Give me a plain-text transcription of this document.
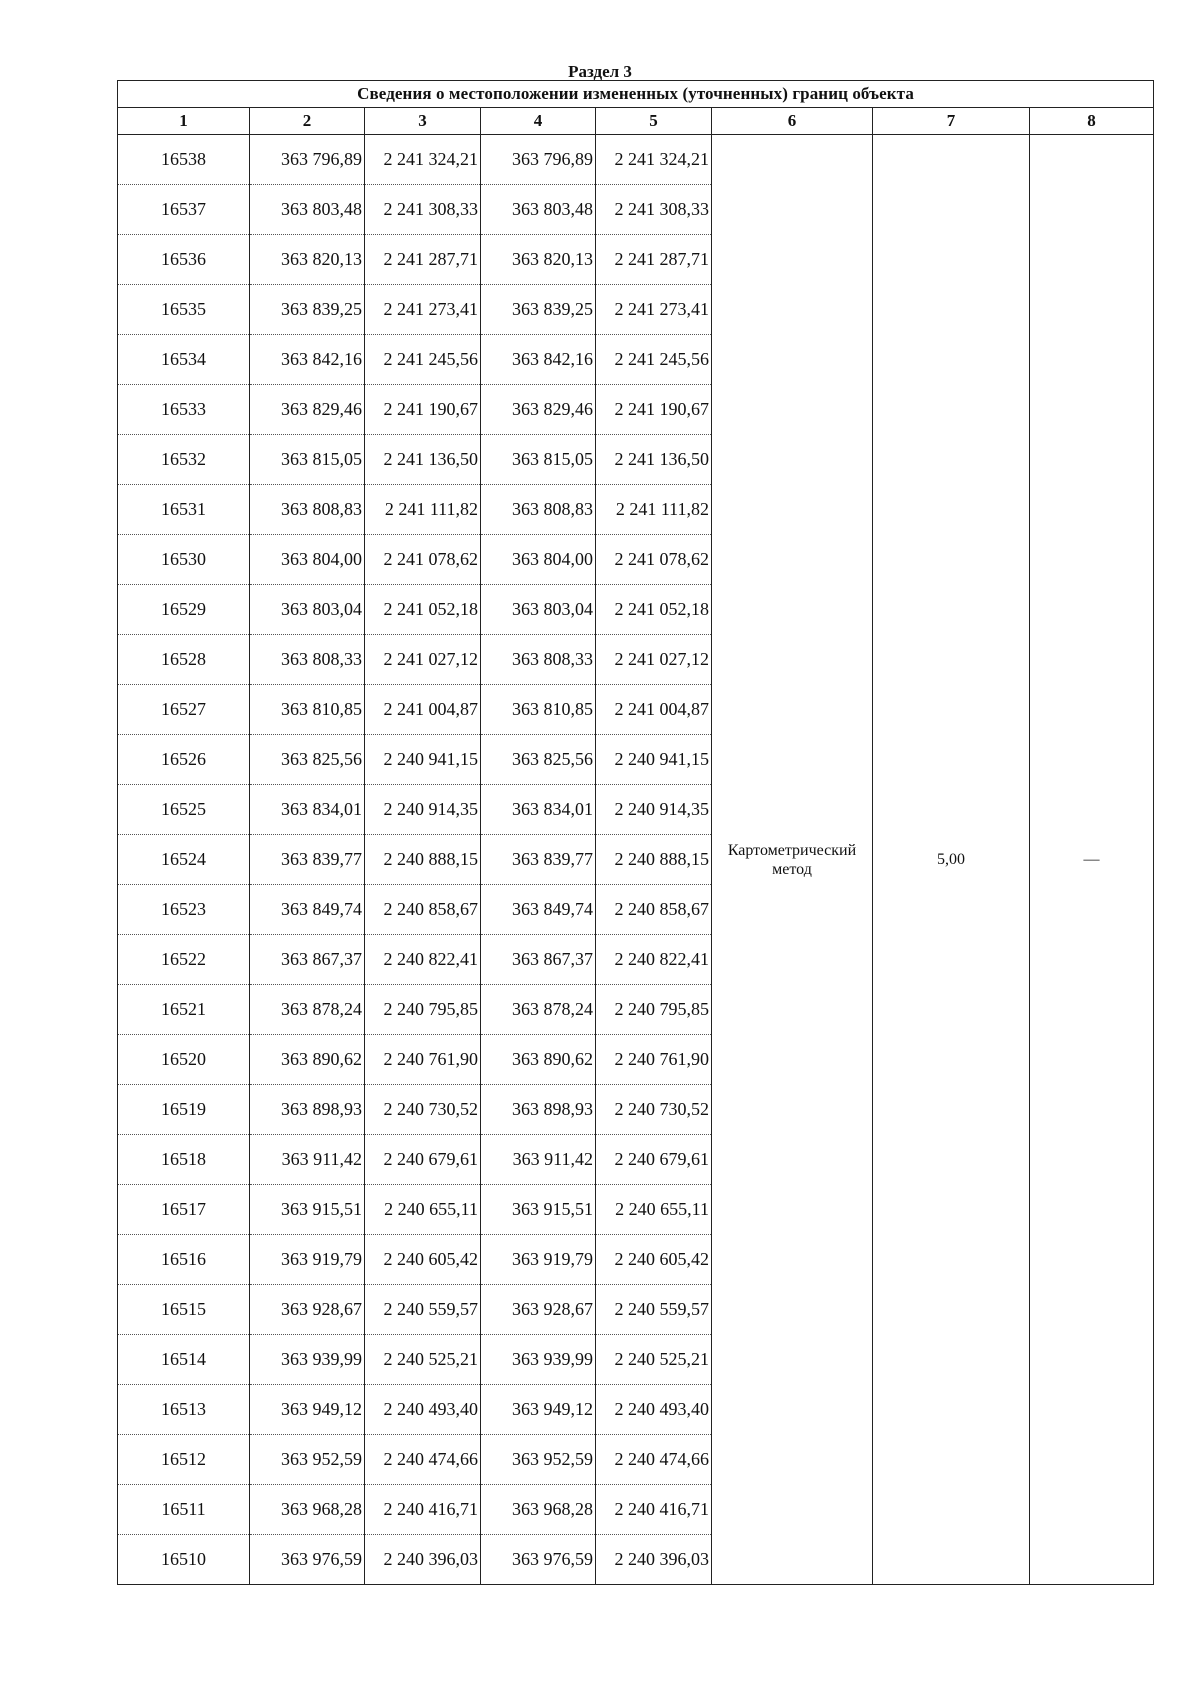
Раздел 3
Сведения о местоположении измененных (уточненных) границ объекта							
1	2	3	4	5	6	7	8
16538	363 796,89	2 241 324,21	363 796,89	2 241 324,21	Картометрический метод	5,00	—
16537	363 803,48	2 241 308,33	363 803,48	2 241 308,33			
16536	363 820,13	2 241 287,71	363 820,13	2 241 287,71			
16535	363 839,25	2 241 273,41	363 839,25	2 241 273,41			
16534	363 842,16	2 241 245,56	363 842,16	2 241 245,56			
16533	363 829,46	2 241 190,67	363 829,46	2 241 190,67			
16532	363 815,05	2 241 136,50	363 815,05	2 241 136,50			
16531	363 808,83	2 241 111,82	363 808,83	2 241 111,82			
16530	363 804,00	2 241 078,62	363 804,00	2 241 078,62			
16529	363 803,04	2 241 052,18	363 803,04	2 241 052,18			
16528	363 808,33	2 241 027,12	363 808,33	2 241 027,12			
16527	363 810,85	2 241 004,87	363 810,85	2 241 004,87			
16526	363 825,56	2 240 941,15	363 825,56	2 240 941,15			
16525	363 834,01	2 240 914,35	363 834,01	2 240 914,35			
16524	363 839,77	2 240 888,15	363 839,77	2 240 888,15			
16523	363 849,74	2 240 858,67	363 849,74	2 240 858,67			
16522	363 867,37	2 240 822,41	363 867,37	2 240 822,41			
16521	363 878,24	2 240 795,85	363 878,24	2 240 795,85			
16520	363 890,62	2 240 761,90	363 890,62	2 240 761,90			
16519	363 898,93	2 240 730,52	363 898,93	2 240 730,52			
16518	363 911,42	2 240 679,61	363 911,42	2 240 679,61			
16517	363 915,51	2 240 655,11	363 915,51	2 240 655,11			
16516	363 919,79	2 240 605,42	363 919,79	2 240 605,42			
16515	363 928,67	2 240 559,57	363 928,67	2 240 559,57			
16514	363 939,99	2 240 525,21	363 939,99	2 240 525,21			
16513	363 949,12	2 240 493,40	363 949,12	2 240 493,40			
16512	363 952,59	2 240 474,66	363 952,59	2 240 474,66			
16511	363 968,28	2 240 416,71	363 968,28	2 240 416,71			
16510	363 976,59	2 240 396,03	363 976,59	2 240 396,03			
